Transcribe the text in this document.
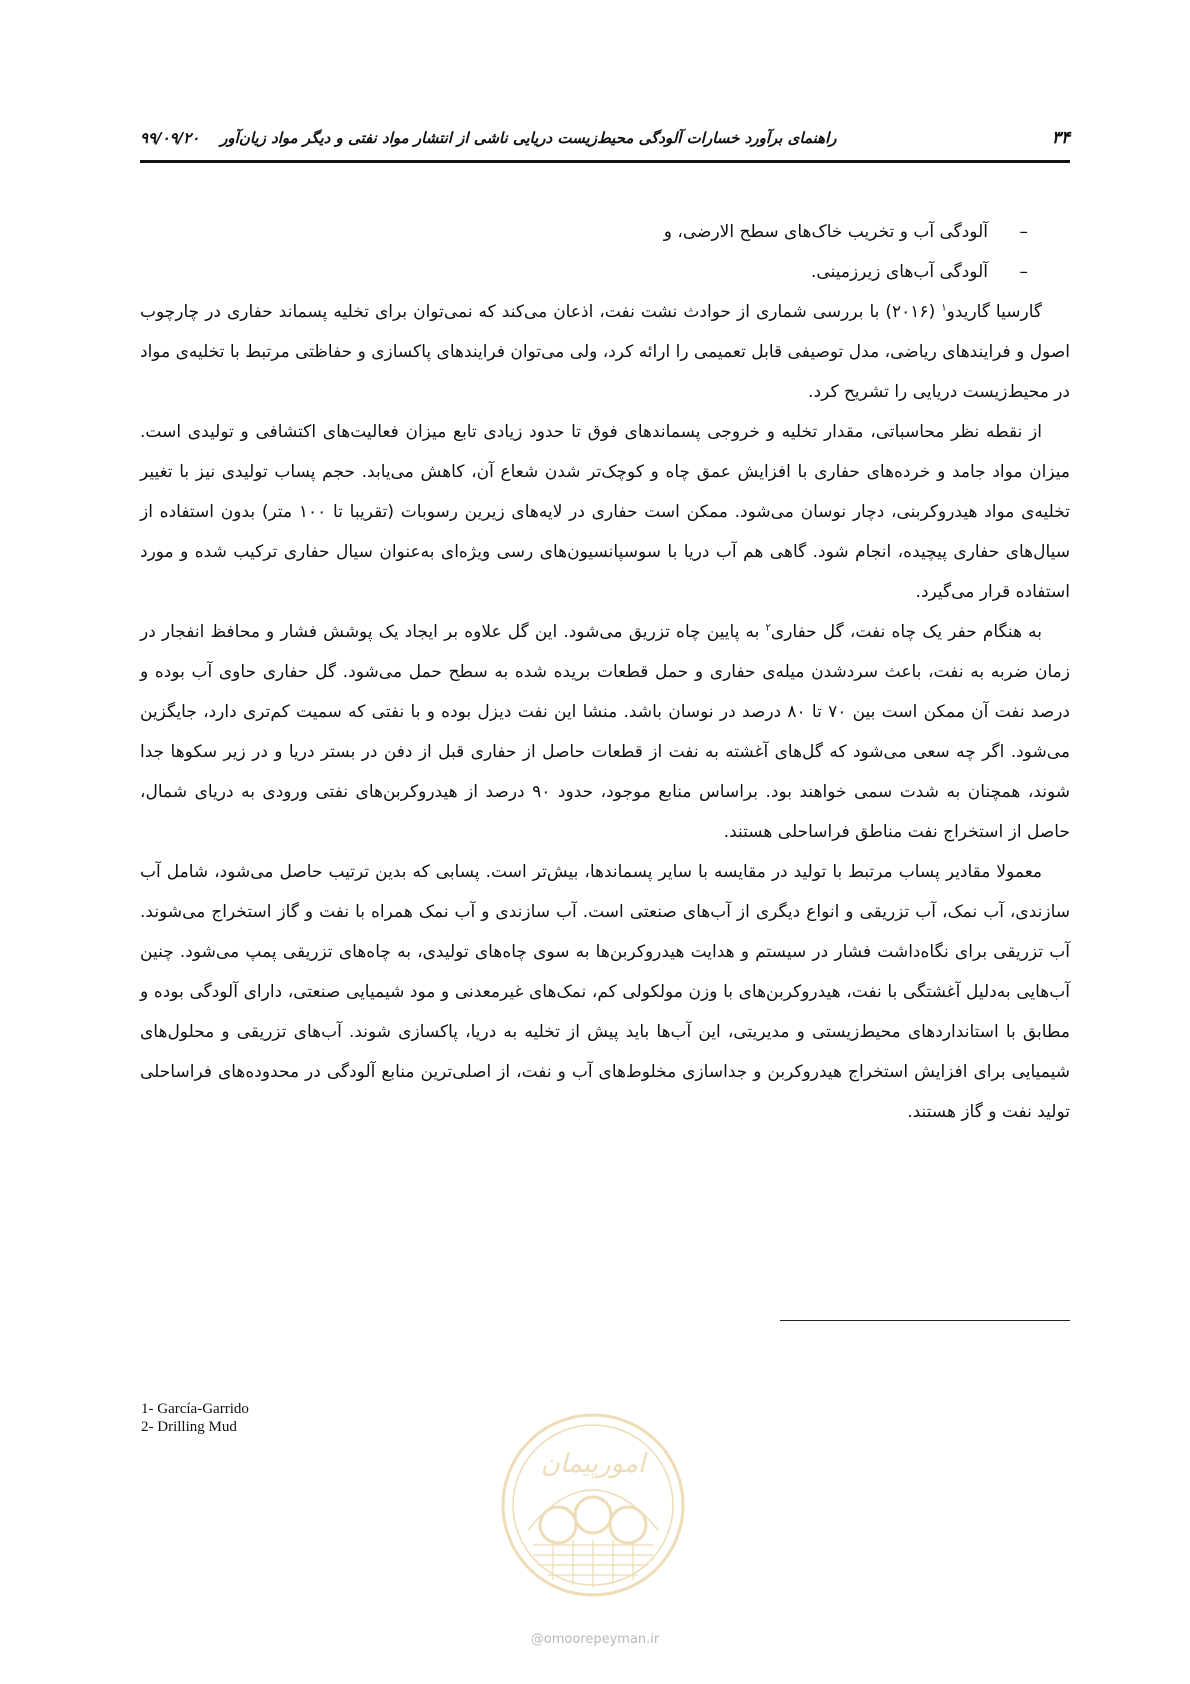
۳۴
راهنمای برآورد خسارات آلودگی محیط‌زیست دریایی ناشی از انتشار مواد نفتی و دیگر مواد زیان‌آور    ۹۹/۰۹/۲۰
–
آلودگی آب و تخریب خاک‌های سطح الارضی، و
–
آلودگی آب‌های زیرزمینی.

گارسیا گاریدو$^۱$ (۲۰۱۶) با بررسی شماری از حوادث نشت نفت، اذعان می‌کند که نمی‌توان برای تخلیه پسماند حفاری در چارچوب اصول و فرایندهای ریاضی، مدل توصیفی قابل تعمیمی را ارائه کرد، ولی می‌توان فرایندهای پاکسازی و حفاظتی مرتبط با تخلیه‌ی مواد در محیط‌زیست دریایی را تشریح کرد.

از نقطه نظر محاسباتی، مقدار تخلیه و خروجی پسماندهای فوق تا حدود زیادی تابع میزان فعالیت‌های اکتشافی و تولیدی است. میزان مواد جامد و خرده‌های حفاری با افزایش عمق چاه و کوچک‌تر شدن شعاع آن، کاهش می‌یابد. حجم پساب تولیدی نیز با تغییر تخلیه‌ی مواد هیدروکربنی، دچار نوسان می‌شود. ممکن است حفاری در لایه‌های زیرین رسوبات (تقریبا تا ۱۰۰ متر) بدون استفاده از سیال‌های حفاری پیچیده، انجام شود. گاهی هم آب دریا با سوسپانسیون‌های رسی ویژه‌ای به‌عنوان سیال حفاری ترکیب شده و مورد استفاده قرار می‌گیرد.

به هنگام حفر یک چاه نفت، گل حفاری$^۲$ به پایین چاه تزریق می‌شود. این گل علاوه بر ایجاد یک پوشش فشار و محافظ انفجار در زمان ضربه به نفت، باعث سردشدن میله‌ی حفاری و حمل قطعات بریده شده به سطح حمل می‌شود. گل حفاری حاوی آب بوده و درصد نفت آن ممکن است بین ۷۰ تا ۸۰ درصد در نوسان باشد. منشا این نفت دیزل بوده و با نفتی که سمیت کم‌تری دارد، جایگزین می‌شود. اگر چه سعی می‌شود که گل‌های آغشته به نفت از قطعات حاصل از حفاری قبل از دفن در بستر دریا و در زیر سکوها جدا شوند، همچنان به شدت سمی خواهند بود. براساس منابع موجود، حدود ۹۰ درصد از هیدروکربن‌های نفتی ورودی به دریای شمال، حاصل از استخراج نفت مناطق فراساحلی هستند.

معمولا مقادیر پساب مرتبط با تولید در مقایسه با سایر پسماندها، بیش‌تر است. پسابی که بدین ترتیب حاصل می‌شود، شامل آب سازندی، آب نمک، آب تزریقی و انواع دیگری از آب‌های صنعتی است. آب سازندی و آب نمک همراه با نفت و گاز استخراج می‌شوند. آب تزریقی برای نگاه‌داشت فشار در سیستم و هدایت هیدروکربن‌ها به سوی چاه‌های تولیدی، به چاه‌های تزریقی پمپ می‌شود. چنین آب‌هایی به‌دلیل آغشتگی با نفت، هیدروکربن‌های با وزن مولکولی کم، نمک‌های غیرمعدنی و مود شیمیایی صنعتی، دارای آلودگی بوده و مطابق با استانداردهای محیط‌زیستی و مدیریتی، این آب‌ها باید پیش از تخلیه به دریا، پاکسازی شوند. آب‌های تزریقی و محلول‌های شیمیایی برای افزایش استخراج هیدروکربن و جداسازی مخلوط‌های آب و نفت، از اصلی‌ترین منابع آلودگی در محدوده‌های فراساحلی تولید نفت و گاز هستند.

1- García-Garrido
2- Drilling Mud
امورپیمان
@omoorepeyman.ir
